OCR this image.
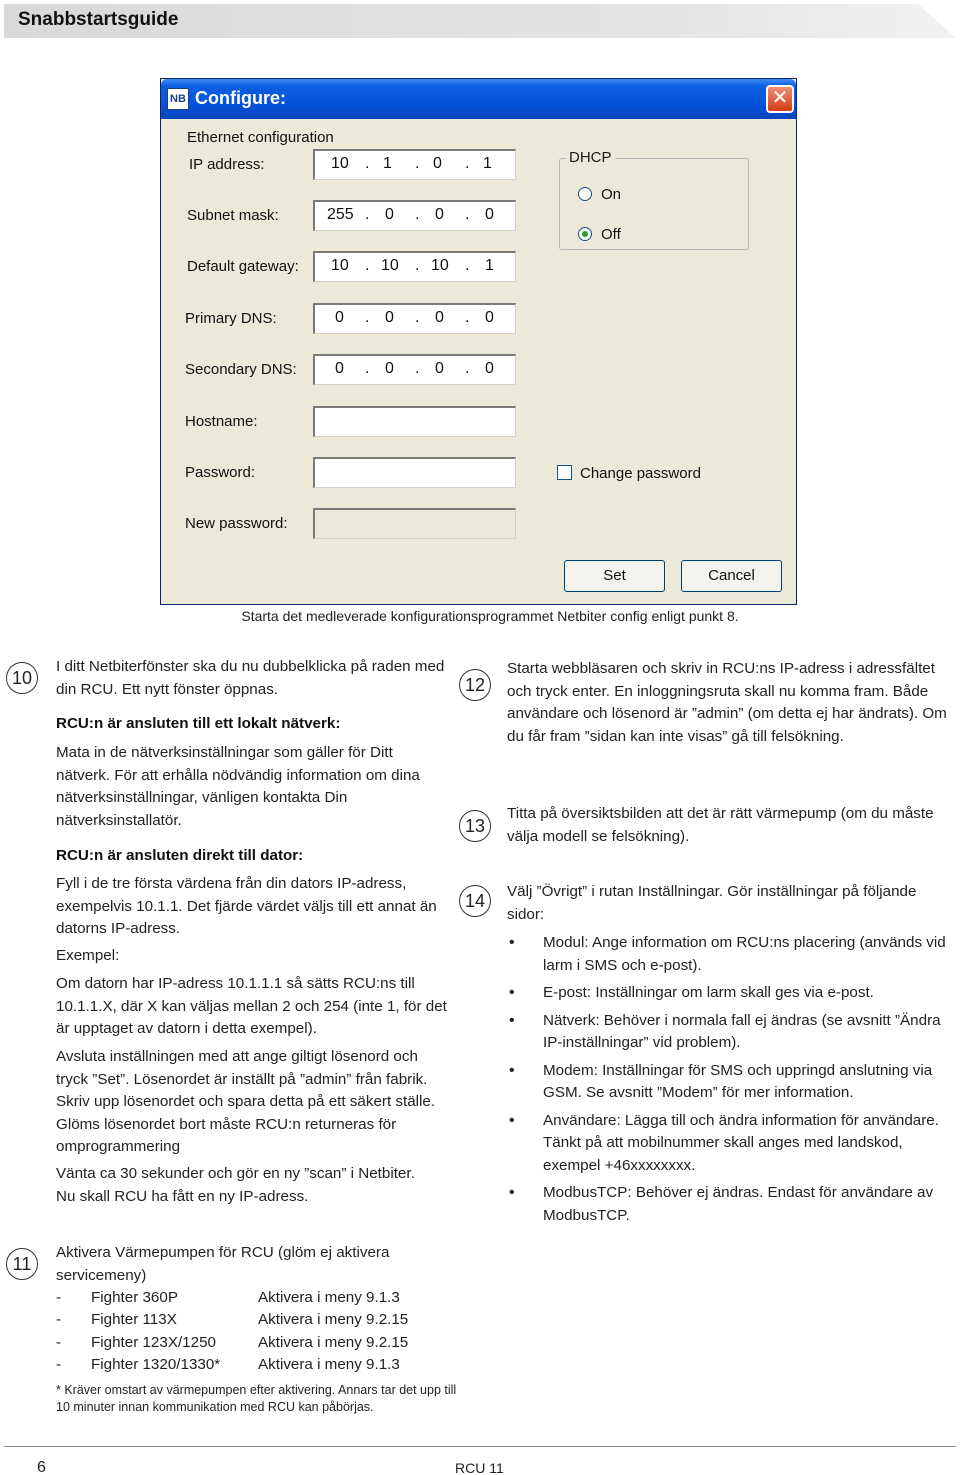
Snabbstartsguide
NB Configure:	✕
Ethernet configuration
IP address:	10 . 1 . 0 . 1
Subnet mask:	255 . 0 . 0 . 0
Default gateway: 10 . 10 . 10 . 1
Primary DNS:	0 . 0 . 0 . 0
Secondary DNS: 0 . 0 . 0 . 0
Hostname:
Password:
New password:
DHCP
On
Off
Change password
Set	Cancel
Starta det medleverade konfigurationsprogrammet Netbiter config enligt punkt 8.
10
11
12
13
14
I ditt Netbiterfönster ska du nu dubbelklicka på raden med din RCU. Ett nytt fönster öppnas.
RCU:n är ansluten till ett lokalt nätverk:
Mata in de nätverksinställningar som gäller för Ditt nätverk. För att erhålla nödvändig information om dina nätverksinställningar, vänligen kontakta Din nätverksinstallatör.
RCU:n är ansluten direkt till dator:
Fyll i de tre första värdena från din dators IP-adress, exempelvis 10.1.1. Det fjärde värdet väljs till ett annat än datorns IP-adress.
Exempel:
Om datorn har IP-adress 10.1.1.1 så sätts RCU:ns till 10.1.1.X, där X kan väljas mellan 2 och 254 (inte 1, för det är upptaget av datorn i detta exempel).
Avsluta inställningen med att ange giltigt lösenord och tryck ”Set”. Lösenordet är inställt på ”admin” från fabrik. Skriv upp lösenordet och spara detta på ett säkert ställe. Glöms lösenordet bort måste RCU:n returneras för omprogrammering
Vänta ca 30 sekunder och gör en ny ”scan” i Netbiter. Nu skall RCU ha fått en ny IP-adress.
Aktivera Värmepumpen för RCU (glöm ej aktivera servicemeny)
- Fighter 360P	Aktivera i meny 9.1.3
- Fighter 113X	Aktivera i meny 9.2.15
- Fighter 123X/1250	Aktivera i meny 9.2.15
- Fighter 1320/1330* Aktivera i meny 9.1.3
* Kräver omstart av värmepumpen efter aktivering. Annars tar det upp till 10 minuter innan kommunikation med RCU kan påbörjas.
Starta webbläsaren och skriv in RCU:ns IP-adress i adressfältet och tryck enter. En inloggningsruta skall nu komma fram. Både användare och lösenord är ”admin” (om detta ej har ändrats). Om du får fram ”sidan kan inte visas” gå till felsökning.
Titta på översiktsbilden att det är rätt värmepump (om du måste välja modell se felsökning).
Välj ”Övrigt” i rutan Inställningar. Gör inställningar på följande sidor:
• Modul: Ange information om RCU:ns placering (används vid larm i SMS och e-post).
• E-post: Inställningar om larm skall ges via e-post.
• Nätverk: Behöver i normala fall ej ändras (se avsnitt ”Ändra IP-inställningar” vid problem).
• Modem: Inställningar för SMS och uppringd anslutning via GSM. Se avsnitt ”Modem” för mer information.
• Användare: Lägga till och ändra information för användare. Tänkt på att mobilnummer skall anges med landskod, exempel +46xxxxxxxx.
• ModbusTCP: Behöver ej ändras. Endast för användare av ModbusTCP.
6	RCU 11
